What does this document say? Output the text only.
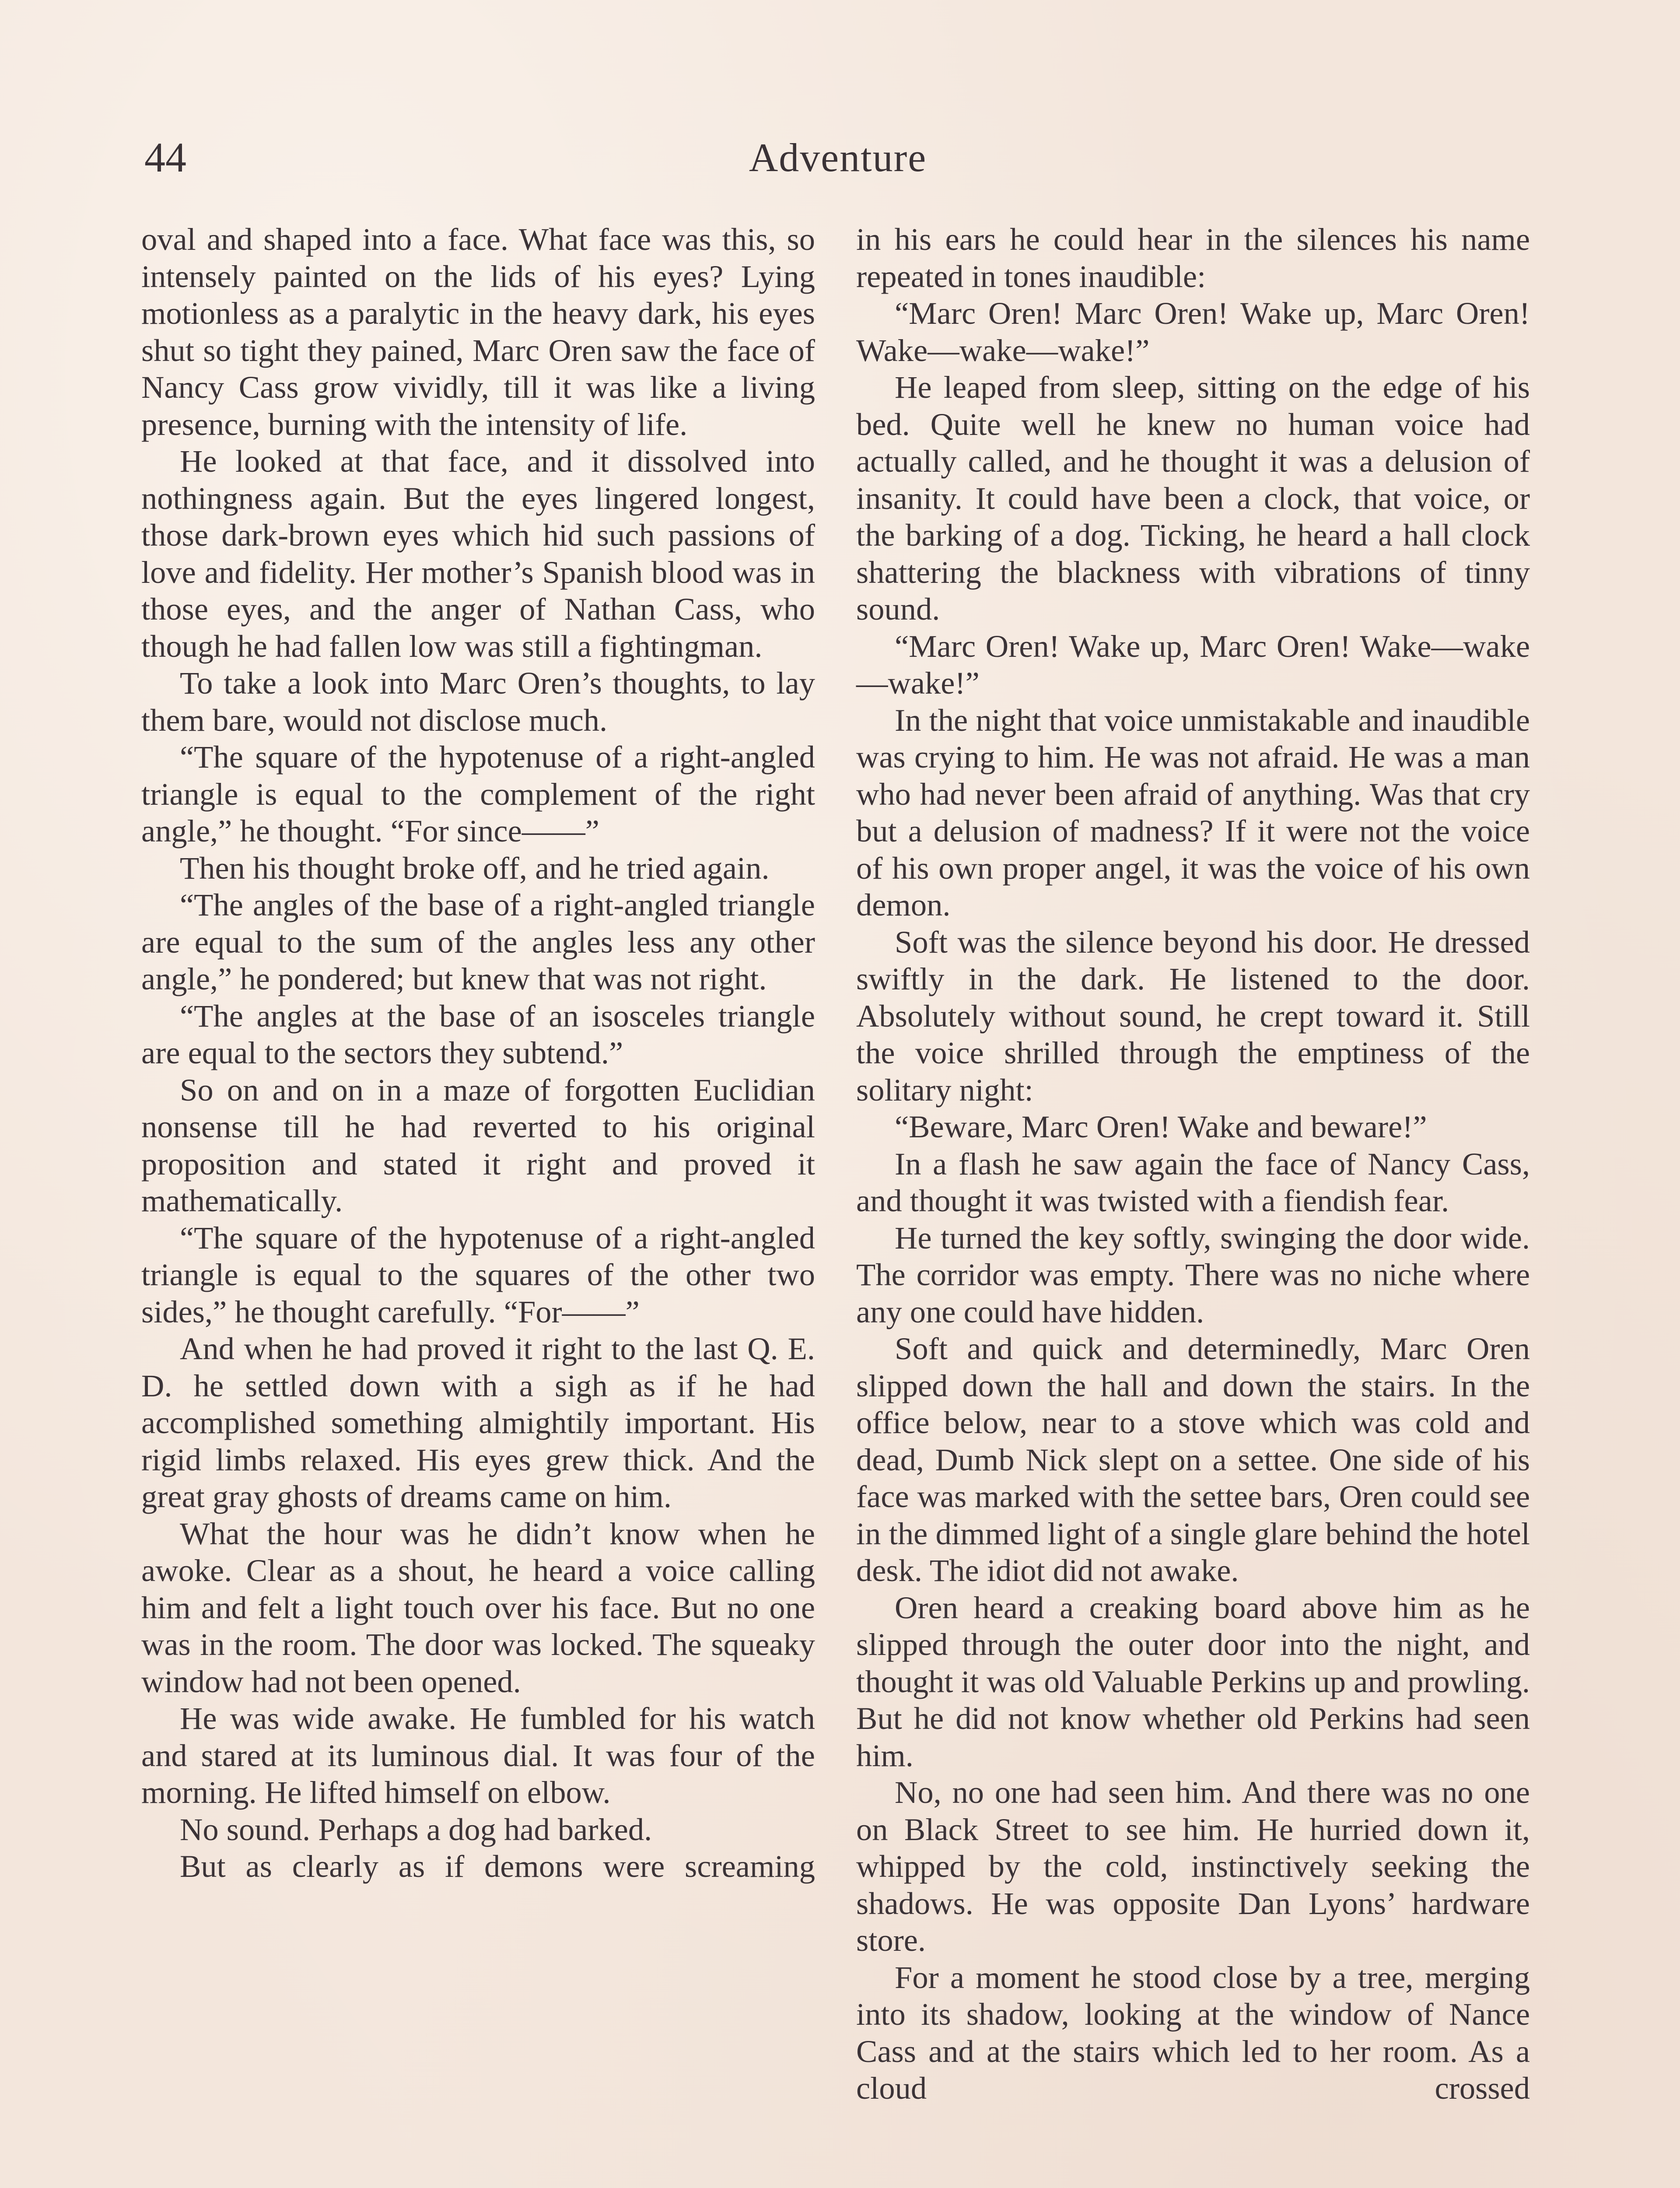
44	Adventure

oval and shaped into a face. What face was this, so intensely painted on the lids of his eyes? Lying motionless as a paralytic in the heavy dark, his eyes shut so tight they pained, Marc Oren saw the face of Nancy Cass grow vividly, till it was like a living presence, burning with the intensity of life.

He looked at that face, and it dissolved into nothingness again. But the eyes lingered longest, those dark-brown eyes which hid such passions of love and fidelity. Her mother’s Spanish blood was in those eyes, and the anger of Nathan Cass, who though he had fallen low was still a fightingman.

To take a look into Marc Oren’s thoughts, to lay them bare, would not disclose much.

“The square of the hypotenuse of a right-angled triangle is equal to the complement of the right angle,” he thought. “For since——”

Then his thought broke off, and he tried again.

“The angles of the base of a right-angled triangle are equal to the sum of the angles less any other angle,” he pondered; but knew that was not right.

“The angles at the base of an isosceles triangle are equal to the sectors they subtend.”

So on and on in a maze of forgotten Euclidian nonsense till he had reverted to his original proposition and stated it right and proved it mathematically.

“The square of the hypotenuse of a right-angled triangle is equal to the squares of the other two sides,” he thought carefully. “For——”

And when he had proved it right to the last Q. E. D. he settled down with a sigh as if he had accomplished something almightily important. His rigid limbs relaxed. His eyes grew thick. And the great gray ghosts of dreams came on him.

What the hour was he didn’t know when he awoke. Clear as a shout, he heard a voice calling him and felt a light touch over his face. But no one was in the room. The door was locked. The squeaky window had not been opened.

He was wide awake. He fumbled for his watch and stared at its luminous dial. It was four of the morning. He lifted himself on elbow.

No sound. Perhaps a dog had barked.

But as clearly as if demons were screaming

in his ears he could hear in the silences his name repeated in tones inaudible:

“Marc Oren! Marc Oren! Wake up, Marc Oren! Wake—wake—wake!”

He leaped from sleep, sitting on the edge of his bed. Quite well he knew no human voice had actually called, and he thought it was a delusion of insanity. It could have been a clock, that voice, or the barking of a dog. Ticking, he heard a hall clock shattering the blackness with vibrations of tinny sound.

“Marc Oren! Wake up, Marc Oren! Wake—wake—wake!”

In the night that voice unmistakable and inaudible was crying to him. He was not afraid. He was a man who had never been afraid of anything. Was that cry but a delusion of madness? If it were not the voice of his own proper angel, it was the voice of his own demon.

Soft was the silence beyond his door. He dressed swiftly in the dark. He listened to the door. Absolutely without sound, he crept toward it. Still the voice shrilled through the emptiness of the solitary night:

“Beware, Marc Oren! Wake and beware!”

In a flash he saw again the face of Nancy Cass, and thought it was twisted with a fiendish fear.

He turned the key softly, swinging the door wide. The corridor was empty. There was no niche where any one could have hidden.

Soft and quick and determinedly, Marc Oren slipped down the hall and down the stairs. In the office below, near to a stove which was cold and dead, Dumb Nick slept on a settee. One side of his face was marked with the settee bars, Oren could see in the dimmed light of a single glare behind the hotel desk. The idiot did not awake.

Oren heard a creaking board above him as he slipped through the outer door into the night, and thought it was old Valuable Perkins up and prowling. But he did not know whether old Perkins had seen him.

No, no one had seen him. And there was no one on Black Street to see him. He hurried down it, whipped by the cold, instinctively seeking the shadows. He was opposite Dan Lyons’ hardware store.

For a moment he stood close by a tree, merging into its shadow, looking at the window of Nance Cass and at the stairs which led to her room. As a cloud crossed
